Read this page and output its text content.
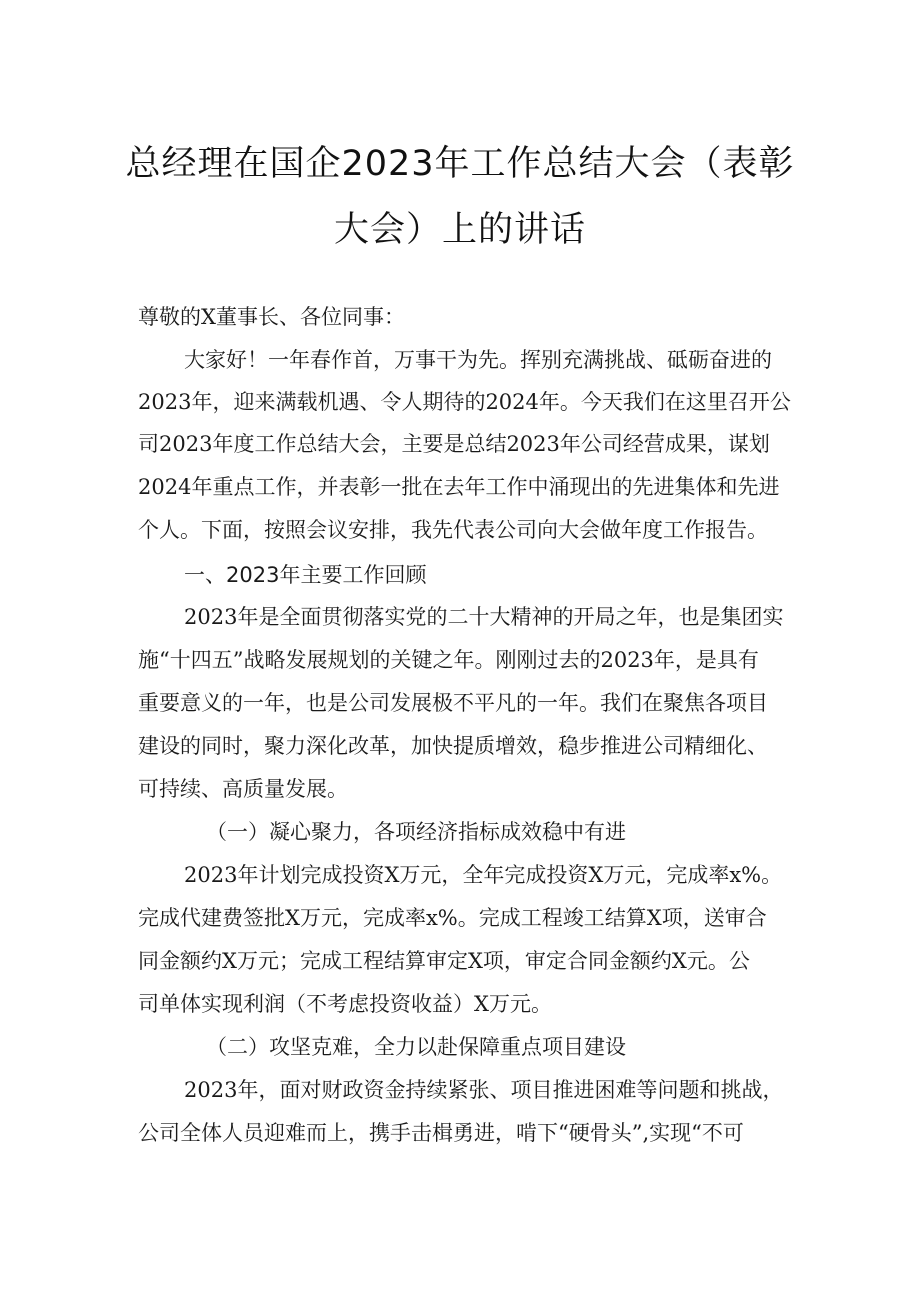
总经理在国企2023年工作总结大会（表彰
大会）上的讲话
尊敬的X董事长、各位同事：
大家好！一年春作首，万事干为先。挥别充满挑战、砥砺奋进的
2023年，迎来满载机遇、令人期待的2024年。今天我们在这里召开公
司2023年度工作总结大会，主要是总结2023年公司经营成果，谋划
2024年重点工作，并表彰一批在去年工作中涌现出的先进集体和先进
个人。下面，按照会议安排，我先代表公司向大会做年度工作报告。
一、2023年主要工作回顾
2023年是全面贯彻落实党的二十大精神的开局之年，也是集团实
施“十四五”战略发展规划的关键之年。刚刚过去的2023年，是具有
重要意义的一年，也是公司发展极不平凡的一年。我们在聚焦各项目
建设的同时，聚力深化改革，加快提质增效，稳步推进公司精细化、
可持续、高质量发展。
（一）凝心聚力，各项经济指标成效稳中有进
2023年计划完成投资X万元，全年完成投资X万元，完成率x%。
完成代建费签批X万元，完成率x%。完成工程竣工结算X项，送审合
同金额约X万元；完成工程结算审定X项，审定合同金额约X元。公
司单体实现利润（不考虑投资收益）X万元。
（二）攻坚克难，全力以赴保障重点项目建设
2023年，面对财政资金持续紧张、项目推进困难等问题和挑战，
公司全体人员迎难而上，携手击楫勇进，啃下“硬骨头”,实现“不可
